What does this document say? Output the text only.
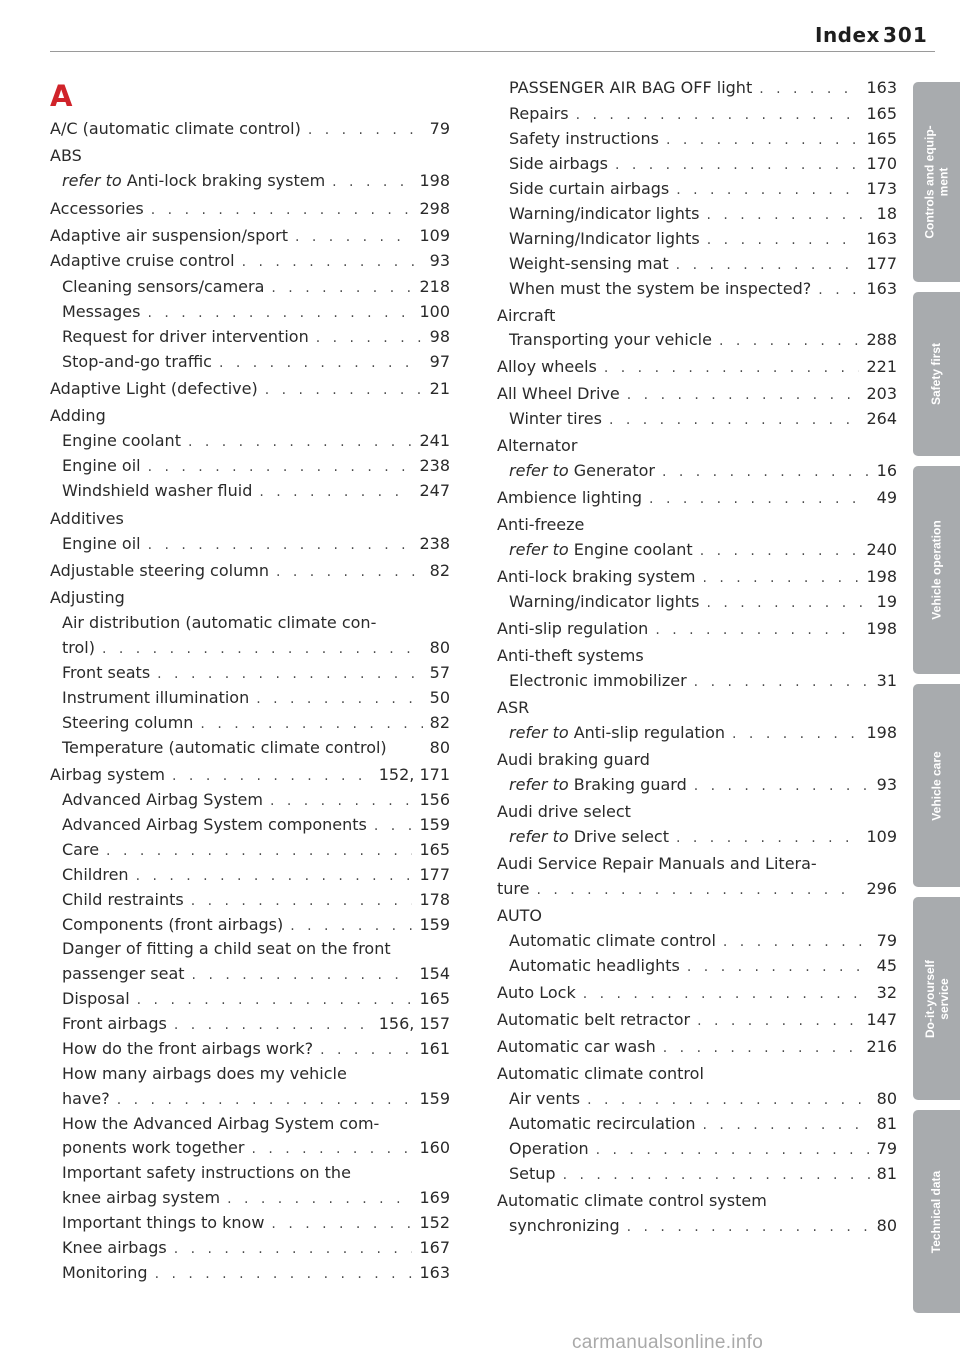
Index 301
A
A/C (automatic climate control) . . .	79
ABS
refer to Anti-lock braking system . . .	198
Accessories . . .	298
Adaptive air suspension/sport . . .	109
Adaptive cruise control . . .	93
Cleaning sensors/camera . . .	218
Messages . . .	100
Request for driver intervention . . .	98
Stop-and-go traffic . . .	97
Adaptive Light (defective) . . .	21
Adding
Engine coolant . . .	241
Engine oil . . .	238
Windshield washer fluid . . .	247
Additives
Engine oil . . .	238
Adjustable steering column . . .	82
Adjusting
Air distribution (automatic climate con-
trol) . . .	80
Front seats . . .	57
Instrument illumination . . .	50
Steering column . . .	82
Temperature (automatic climate control)	80
Airbag system . . .	152, 171
Advanced Airbag System . . .	156
Advanced Airbag System components . . .	159
Care . . .	165
Children . . .	177
Child restraints . . .	178
Components (front airbags) . . .	159
Danger of fitting a child seat on the front
passenger seat . . .	154
Disposal . . .	165
Front airbags . . .	156, 157
How do the front airbags work? . . .	161
How many airbags does my vehicle
have? . . .	159
How the Advanced Airbag System com-
ponents work together . . .	160
Important safety instructions on the
knee airbag system . . .	169
Important things to know . . .	152
Knee airbags . . .	167
Monitoring . . .	163
PASSENGER AIR BAG OFF light . . .	163
Repairs . . .	165
Safety instructions . . .	165
Side airbags . . .	170
Side curtain airbags . . .	173
Warning/indicator lights . . .	18
Warning/Indicator lights . . .	163
Weight-sensing mat . . .	177
When must the system be inspected? . . .	163
Aircraft
Transporting your vehicle . . .	288
Alloy wheels . . .	221
All Wheel Drive . . .	203
Winter tires . . .	264
Alternator
refer to Generator . . .	16
Ambience lighting . . .	49
Anti-freeze
refer to Engine coolant . . .	240
Anti-lock braking system . . .	198
Warning/indicator lights . . .	19
Anti-slip regulation . . .	198
Anti-theft systems
Electronic immobilizer . . .	31
ASR
refer to Anti-slip regulation . . .	198
Audi braking guard
refer to Braking guard . . .	93
Audi drive select
refer to Drive select . . .	109
Audi Service Repair Manuals and Litera-
ture . . .	296
AUTO
Automatic climate control . . .	79
Automatic headlights . . .	45
Auto Lock . . .	32
Automatic belt retractor . . .	147
Automatic car wash . . .	216
Automatic climate control
Air vents . . .	80
Automatic recirculation . . .	81
Operation . . .	79
Setup . . .	81
Automatic climate control system
synchronizing . . .	80
Controls and equip-
ment
Safety first
Vehicle operation
Vehicle care
Do-it-yourself
service
Technical data
carmanualsonline.info
